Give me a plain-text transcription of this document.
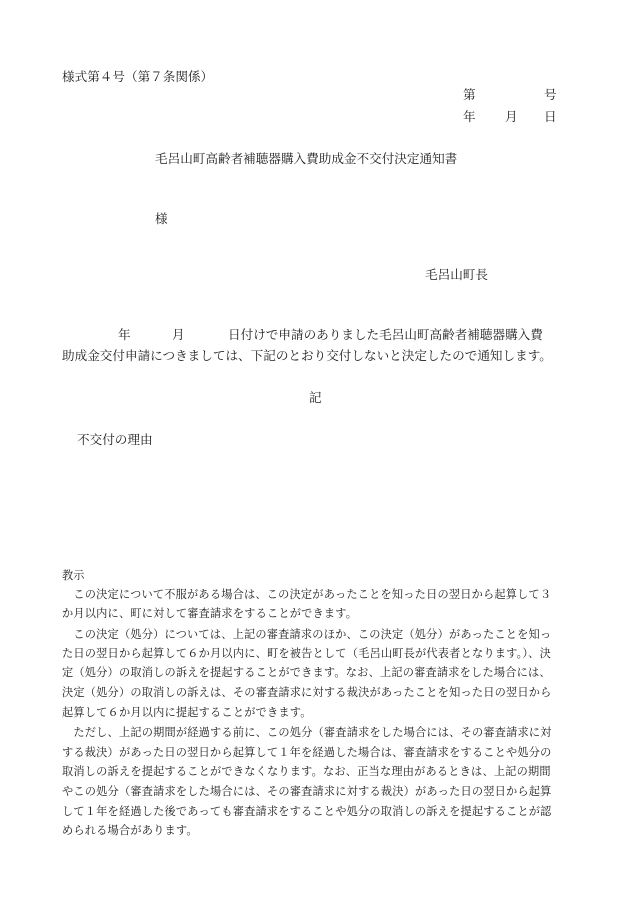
様式第４号（第７条関係）
第	号
年 月 日
毛呂山町高齢者補聴器購入費助成金不交付決定通知書
様
毛呂山町長
年	月	日付けで申請のありました毛呂山町高齢者補聴器購入費
助成金交付申請につきましては、下記のとおり交付しないと決定したので通知します。
記
不交付の理由
教示
　この決定について不服がある場合は、この決定があったことを知った日の翌日から起算して３
か月以内に、町に対して審査請求をすることができます。
　この決定（処分）については、上記の審査請求のほか、この決定（処分）があったことを知っ
た日の翌日から起算して６か月以内に、町を被告として（毛呂山町長が代表者となります。）、決
定（処分）の取消しの訴えを提起することができます。なお、上記の審査請求をした場合には、
決定（処分）の取消しの訴えは、その審査請求に対する裁決があったことを知った日の翌日から
起算して６か月以内に提起することができます。
　ただし、上記の期間が経過する前に、この処分（審査請求をした場合には、その審査請求に対
する裁決）があった日の翌日から起算して１年を経過した場合は、審査請求をすることや処分の
取消しの訴えを提起することができなくなります。なお、正当な理由があるときは、上記の期間
やこの処分（審査請求をした場合には、その審査請求に対する裁決）があった日の翌日から起算
して１年を経過した後であっても審査請求をすることや処分の取消しの訴えを提起することが認
められる場合があります。
